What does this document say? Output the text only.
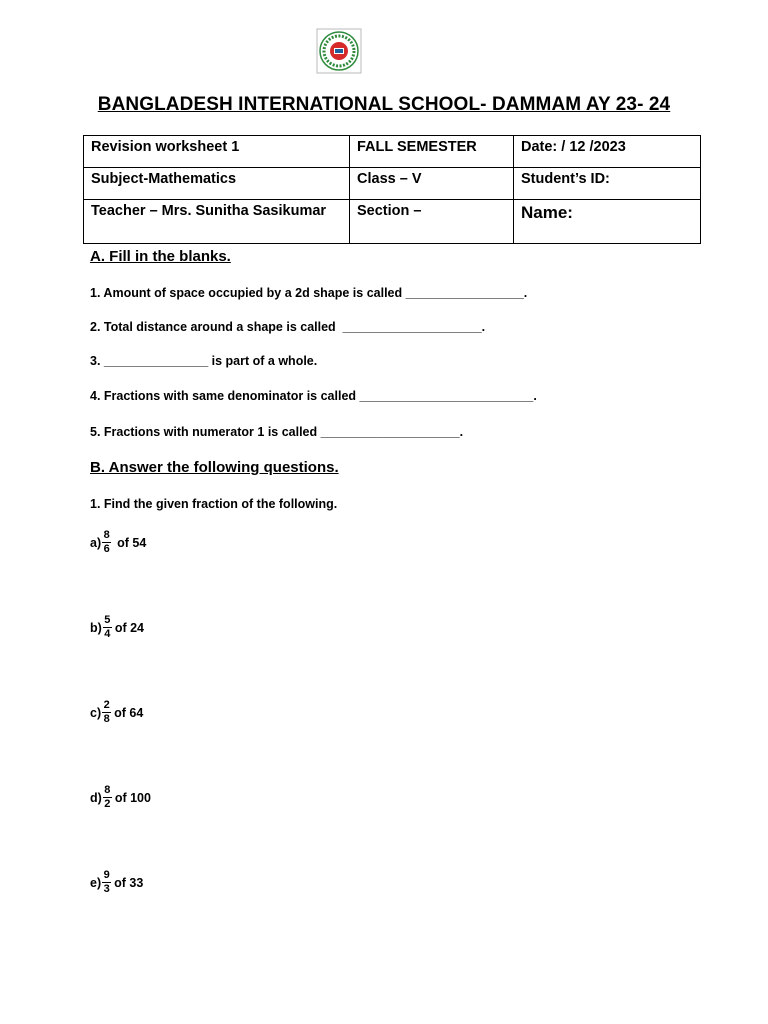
BANGLADESH INTERNATIONAL SCHOOL- DAMMAM AY 23- 24
Revision worksheet 1	FALL SEMESTER	Date: / 12 /2023
Subject-Mathematics	Class – V	Student’s ID:
Teacher – Mrs. Sunitha Sasikumar	Section –	Name:
A. Fill in the blanks.
1. Amount of space occupied by a 2d shape is called _________________.
2. Total distance around a shape is called  ____________________.
3. _______________ is part of a whole.
4. Fractions with same denominator is called _________________________.
5. Fractions with numerator 1 is called ____________________.
B. Answer the following questions.
1. Find the given fraction of the following.
$a) \frac{8}{6}$ of 54
$b) \frac{5}{4}$ of 24
$c) \frac{2}{8}$ of 64
$d) \frac{8}{2}$ of 100
$e) \frac{9}{3}$ of 33
